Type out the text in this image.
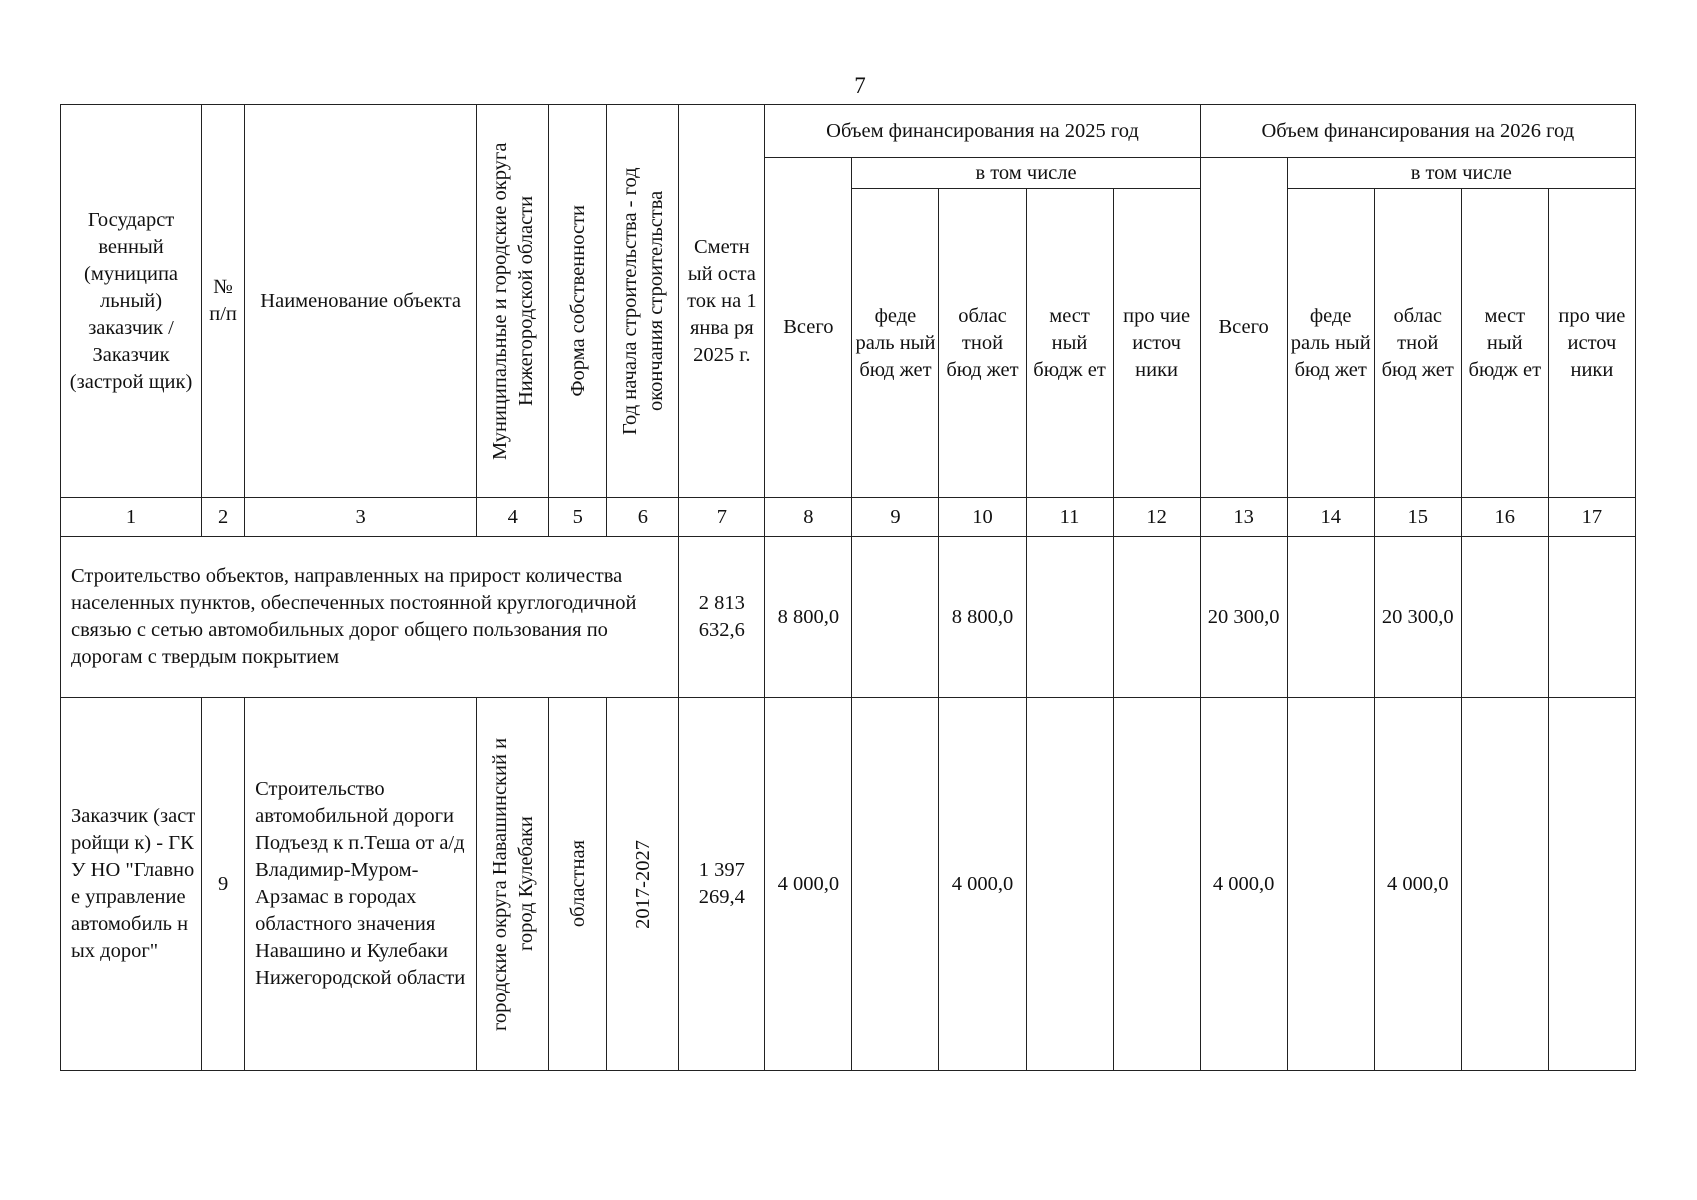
7
Государст венный (муниципа льный) заказчик / Заказчик (застрой щик)	№ п/п	Наименование объекта	Муниципальные и городские округа Нижегородской области	Форма собственности	Год начала строительства - год окончания строительства	Сметн ый оста ток на 1 янва ря 2025 г.	Объем финансирования на 2025 год					Объем финансирования на 2026 год				
							Всего	в том числе				Всего	в том числе			
								феде раль ный бюд жет	облас тной бюд жет	мест ный бюдж ет	про чие источ ники		феде раль ный бюд жет	облас тной бюд жет	мест ный бюдж ет	про чие источ ники
1	2	3	4	5	6	7	8	9	10	11	12	13	14	15	16	17
Строительство объектов, направленных на прирост количества населенных пунктов, обеспеченных постоянной круглогодичной связью с сетью автомобильных дорог общего пользования по дорогам с твердым покрытием						2 813 632,6	8 800,0		8 800,0			20 300,0		20 300,0		
Заказчик (застройщи к) - ГКУ НО "Главное управление автомобиль ных дорог"	9	Строительство автомобильной дороги Подъезд к п.Теша от а/д Владимир-Муром-Арзамас в городах областного значения Навашино и Кулебаки Нижегородской области	городские округа Навашинский и город Кулебаки	областная	2017-2027	1 397 269,4	4 000,0		4 000,0			4 000,0		4 000,0		
